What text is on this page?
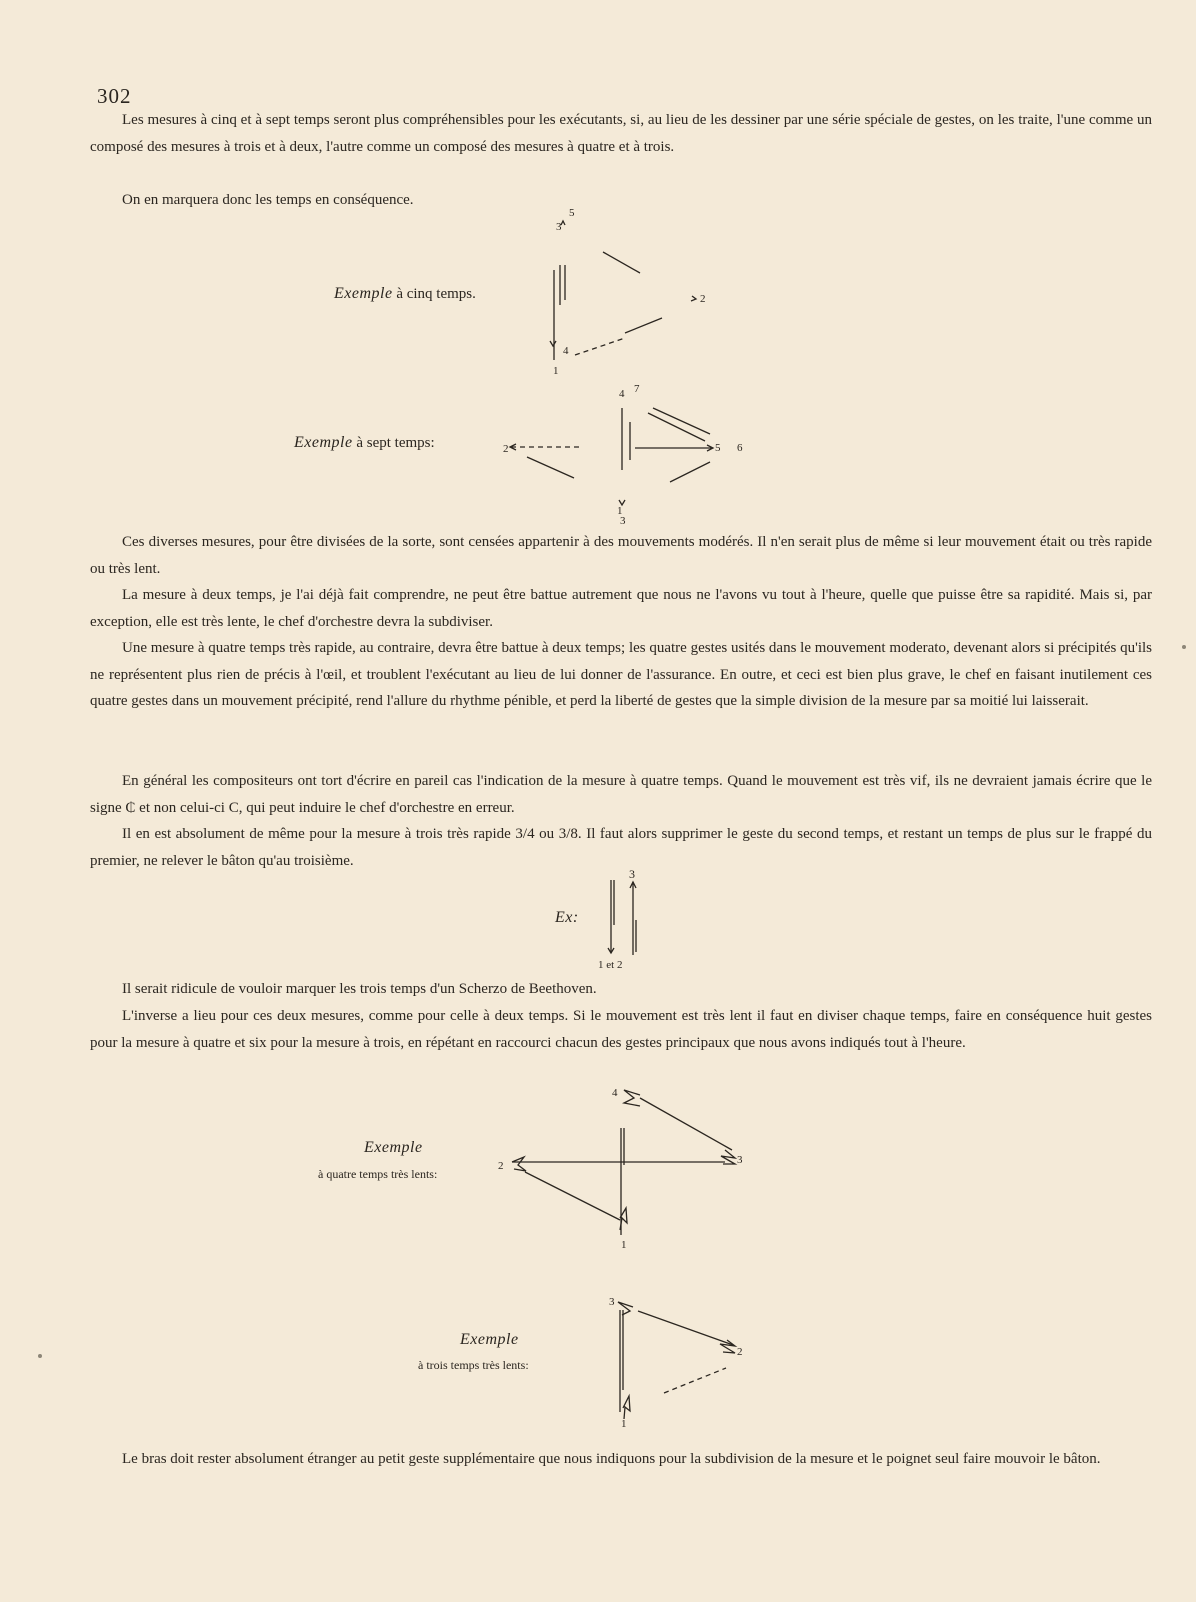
302
Les mesures à cinq et à sept temps seront plus compréhensibles pour les exécutants, si, au lieu de les dessiner par une série spéciale de gestes, on les traite, l'une comme un composé des mesures à trois et à deux, l'autre comme un composé des mesures à quatre et à trois.
On en marquera donc les temps en conséquence.
Exemple à cinq temps.
1
2
3
4
5
Exemple à sept temps:
1
2
3
4
5 6
7
Ces diverses mesures, pour être divisées de la sorte, sont censées appartenir à des mouvements modérés. Il n'en serait plus de même si leur mouvement était ou très rapide ou très lent.
La mesure à deux temps, je l'ai déjà fait comprendre, ne peut être battue autrement que nous ne l'avons vu tout à l'heure, quelle que puisse être sa rapidité. Mais si, par exception, elle est très lente, le chef d'orchestre devra la subdiviser.
Une mesure à quatre temps très rapide, au contraire, devra être battue à deux temps; les quatre gestes usités dans le mouvement moderato, devenant alors si précipités qu'ils ne représentent plus rien de précis à l'œil, et troublent l'exécutant au lieu de lui donner de l'assurance. En outre, et ceci est bien plus grave, le chef en faisant inutilement ces quatre gestes dans un mouvement précipité, rend l'allure du rhythme pénible, et perd la liberté de gestes que la simple division de la mesure par sa moitié lui laisserait.
En général les compositeurs ont tort d'écrire en pareil cas l'indication de la mesure à quatre temps. Quand le mouvement est très vif, ils ne devraient jamais écrire que le signe ₵ et non celui-ci C, qui peut induire le chef d'orchestre en erreur.
Il en est absolument de même pour la mesure à trois très rapide 3/4 ou 3/8. Il faut alors supprimer le geste du second temps, et restant un temps de plus sur le frappé du premier, ne relever le bâton qu'au troisième.
Ex:
1 et 2
3
Il serait ridicule de vouloir marquer les trois temps d'un Scherzo de Beethoven.
L'inverse a lieu pour ces deux mesures, comme pour celle à deux temps. Si le mouvement est très lent il faut en diviser chaque temps, faire en conséquence huit gestes pour la mesure à quatre et six pour la mesure à trois, en répétant en raccourci chacun des gestes principaux que nous avons indiqués tout à l'heure.
Exemple
à quatre temps très lents:
4
3
2
1
Exemple
à trois temps très lents:
3
2
1
Le bras doit rester absolument étranger au petit geste supplémentaire que nous indiquons pour la subdivision de la mesure et le poignet seul faire mouvoir le bâton.
